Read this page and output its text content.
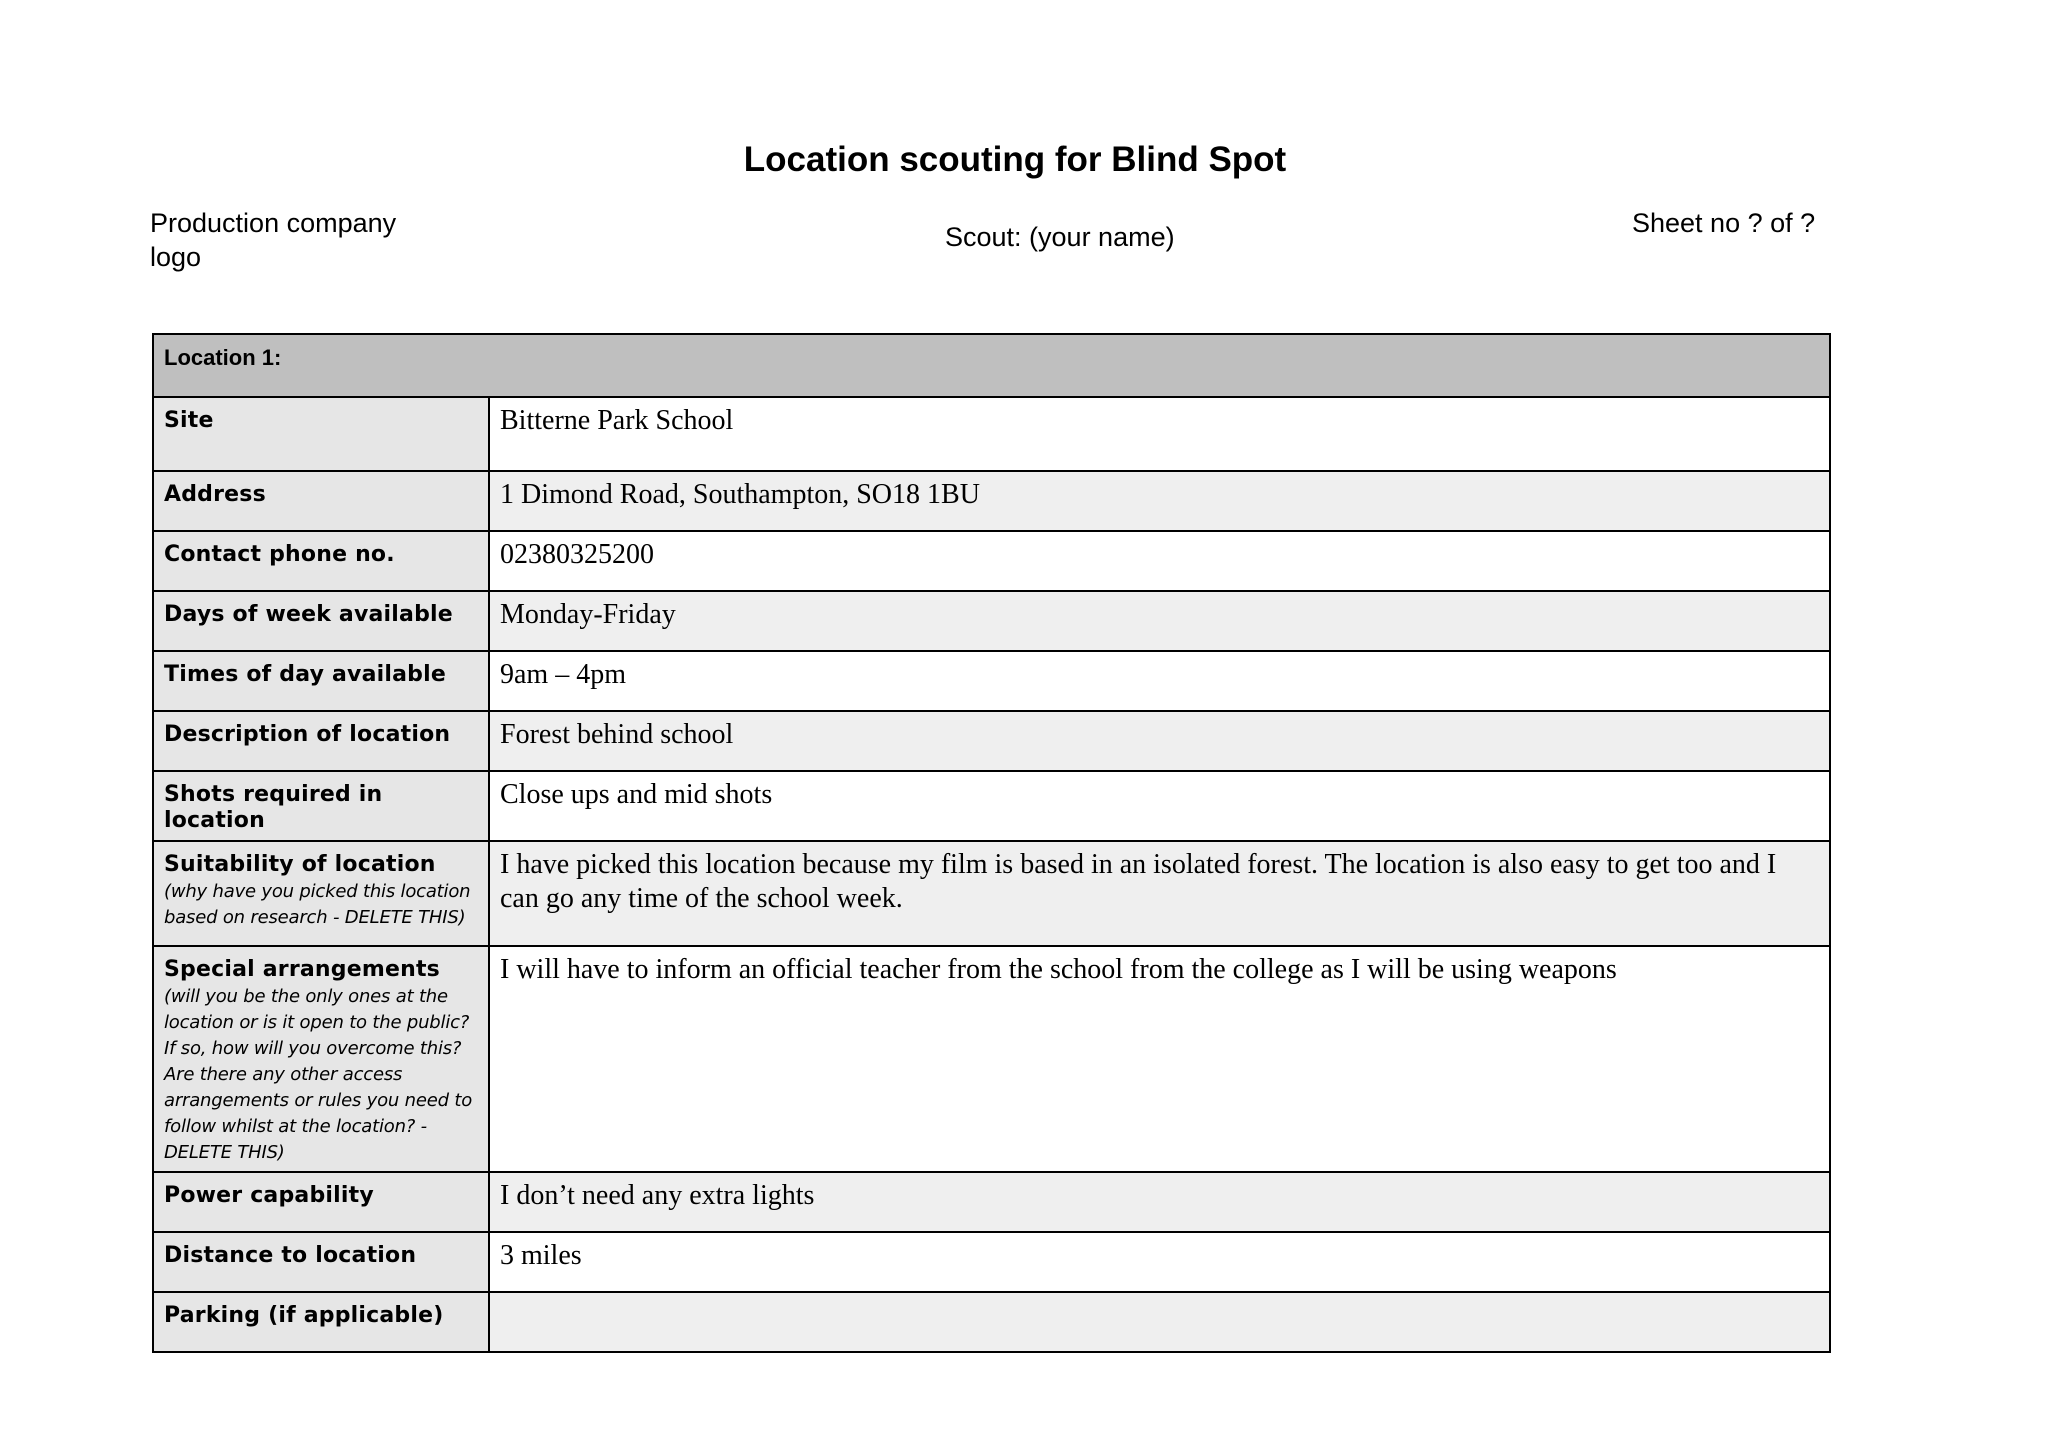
Location scouting for Blind Spot
Production company logo
Scout: (your name)	Sheet no ? of ?
Location 1:	
Site	Bitterne Park School
Address	1 Dimond Road, Southampton, SO18 1BU
Contact phone no.	02380325200
Days of week available	Monday-Friday
Times of day available	9am – 4pm
Description of location	Forest behind school
Shots required in location	Close ups and mid shots
Suitability of location (why have you picked this location based on research - DELETE THIS)	I have picked this location because my film is based in an isolated forest. The location is also easy to get too and I can go any time of the school week.
Special arrangements (will you be the only ones at the location or is it open to the public? If so, how will you overcome this? Are there any other access arrangements or rules you need to follow whilst at the location? - DELETE THIS)	I will have to inform an official teacher from the school from the college as I will be using weapons
Power capability	I don’t need any extra lights
Distance to location	3 miles
Parking (if applicable)	
